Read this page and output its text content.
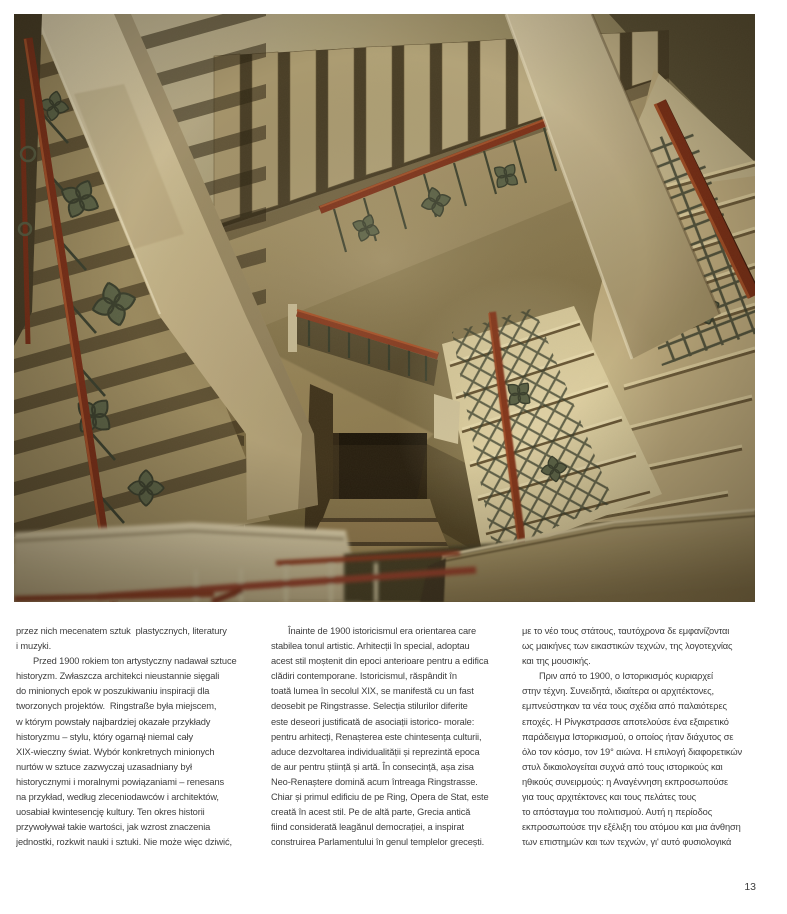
przez nich mecenatem sztuk  plastycznych, literatury
i muzyki.
Przed 1900 rokiem ton artystyczny nadawał sztuce
historyzm. Zwłaszcza architekci nieustannie sięgali
do minionych epok w poszukiwaniu inspiracji dla
tworzonych projektów.  Ringstraße była miejscem,
w którym powstały najbardziej okazałe przykłady
historyzmu – stylu, który ogarnął niemal cały
XIX-wieczny świat. Wybór konkretnych minionych
nurtów w sztuce zazwyczaj uzasadniany był
historycznymi i moralnymi powiązaniami – renesans
na przykład, według zleceniodawców i architektów,
uosabiał kwintesencję kultury. Ten okres historii
przywoływał takie wartości, jak wzrost znaczenia
jednostki, rozkwit nauki i sztuki. Nie może więc dziwić,
Înainte de 1900 istoricismul era orientarea care
stabilea tonul artistic. Arhitecții în special, adoptau
acest stil moștenit din epoci anterioare pentru a edifica
clădiri contemporane. Istoricismul, răspândit în
toată lumea în secolul XIX, se manifestă cu un fast
deosebit pe Ringstrasse. Selecția stilurilor diferite
este deseori justificată de asociații istorico- morale:
pentru arhitecți, Renașterea este chintesența culturii,
aduce dezvoltarea individualității și reprezintă epoca
de aur pentru știință și artă. În consecință, așa zisa
Neo-Renaștere domină acum întreaga Ringstrasse.
Chiar și primul edificiu de pe Ring, Opera de Stat, este
creată în acest stil. Pe de altă parte, Grecia antică
fiind considerată leagănul democrației, a inspirat
construirea Parlamentului în genul templelor grecești.
με το νέο τους στάτους, ταυτόχρονα δε εμφανίζονται
ως μαικήνες των εικαστικών τεχνών, της λογοτεχνίας
και της μουσικής.
Πριν από το 1900, ο Ιστορικισμός κυριαρχεί
στην τέχνη. Συνειδητά, ιδιαίτερα οι αρχιτέκτονες,
εμπνεύστηκαν τα νέα τους σχέδια από παλαιότερες
εποχές. Η Ρίνγκστρασσε αποτελούσε ένα εξαιρετικό
παράδειγμα Ιστορικισμού, ο οποίος ήταν διάχυτος σε
όλο τον κόσμο, τον 19° αιώνα. Η επιλογή διαφορετικών
στυλ δικαιολογείται συχνά από τους ιστορικούς και
ηθικούς συνειρμούς: η Αναγέννηση εκπροσωπούσε
για τους αρχιτέκτονες και τους πελάτες τους
το απόσταγμα του πολιτισμού. Αυτή η περίοδος
εκπροσωπούσε την εξέλιξη του ατόμου και μια άνθηση
των επιστημών και των τεχνών, γι' αυτό φυσιολογικά
13
